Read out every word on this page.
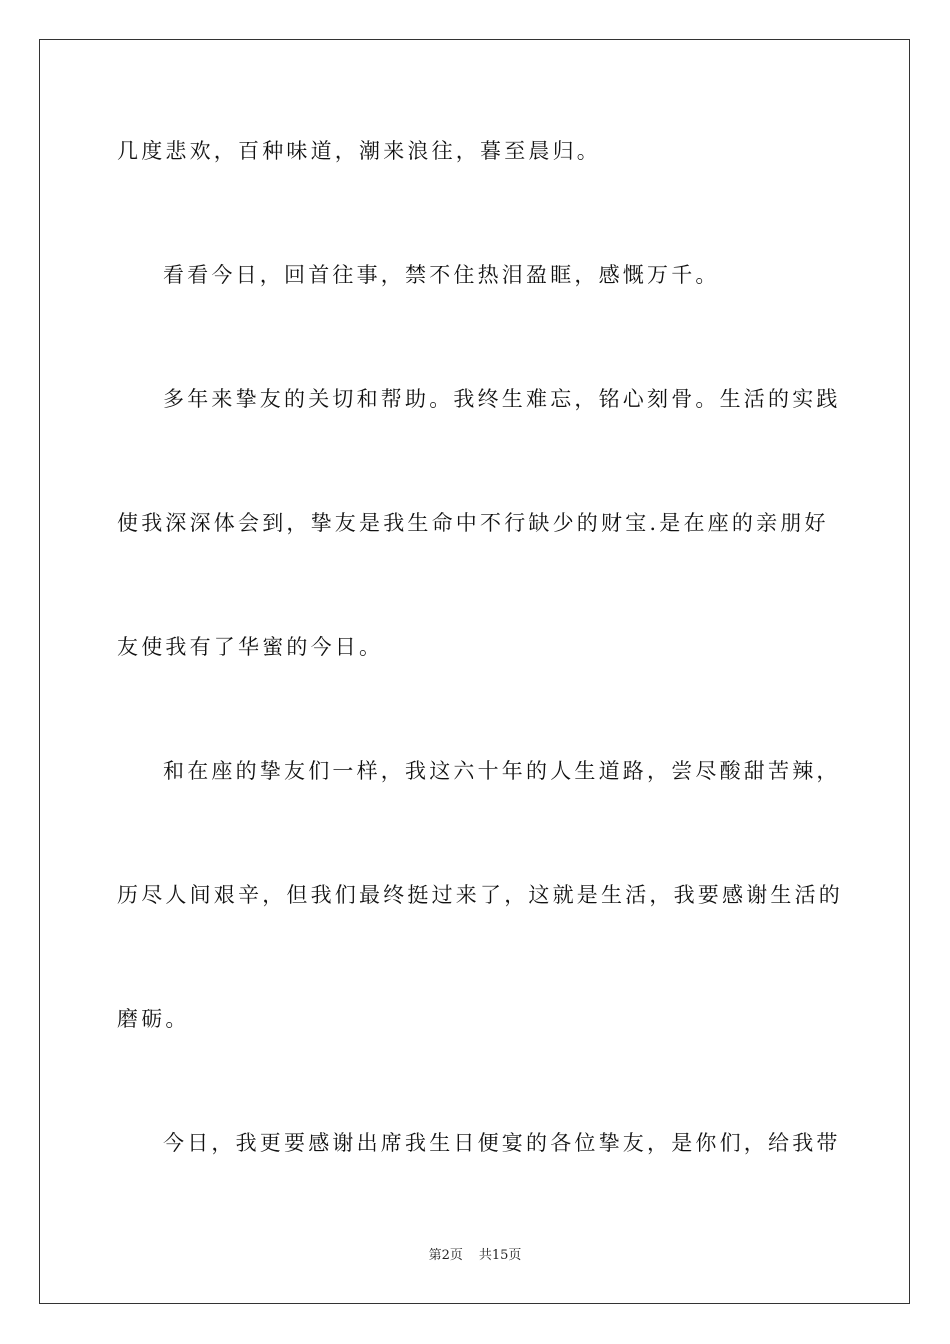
几度悲欢，百种味道，潮来浪往，暮至晨归。
看看今日，回首往事，禁不住热泪盈眶，感慨万千。
多年来挚友的关切和帮助。我终生难忘，铭心刻骨。生活的实践
使我深深体会到，挚友是我生命中不行缺少的财宝.是在座的亲朋好
友使我有了华蜜的今日。
和在座的挚友们一样，我这六十年的人生道路，尝尽酸甜苦辣，
历尽人间艰辛，但我们最终挺过来了，这就是生活，我要感谢生活的
磨砺。
今日，我更要感谢出席我生日便宴的各位挚友，是你们，给我带
第2页 共15页
